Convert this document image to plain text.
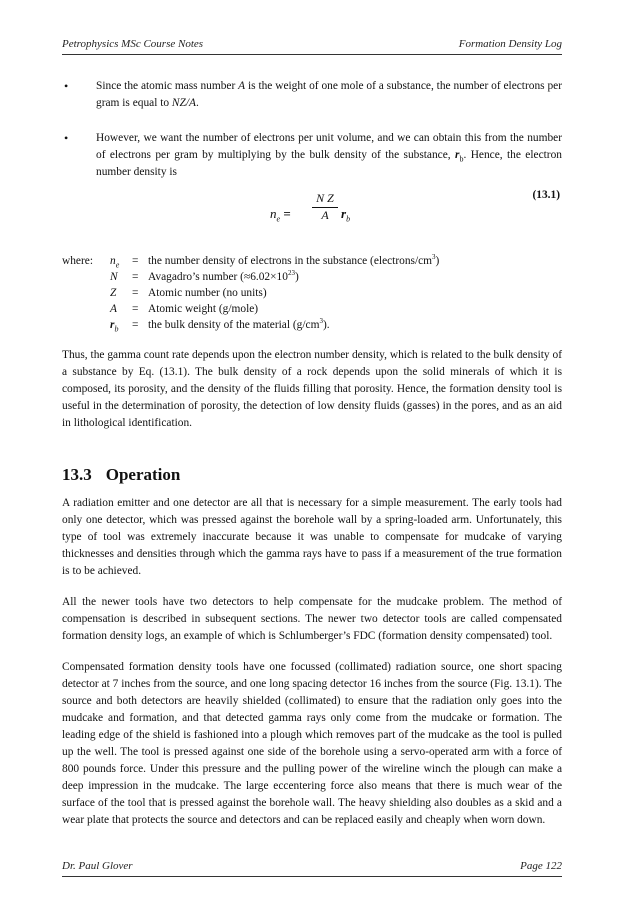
Petrophysics MSc Course Notes	Formation Density Log
•	Since the atomic mass number A is the weight of one mole of a substance, the number of electrons per gram is equal to NZ/A.
•	However, we want the number of electrons per unit volume, and we can obtain this from the number of electrons per gram by multiplying by the bulk density of the substance, $r_b$. Hence, the electron number density is
$n_e = \frac{\text{N Z}}{A} r_b$
(13.1)
where:	$n_e$	=	the number density of electrons in the substance $(electrons/cm^3)$
	N	=	Avagadro’s number $(\approx 6.02\times 10^{23})$
	Z	=	Atomic number (no units)
	A	=	Atomic weight (g/mole)
	$r_b$	=	the bulk density of the material $(g/cm^3)$.

Thus, the gamma count rate depends upon the electron number density, which is related to the bulk density of a substance by Eq. (13.1). The bulk density of a rock depends upon the solid minerals of which it is composed, its porosity, and the density of the fluids filling that porosity. Hence, the formation density tool is useful in the determination of porosity, the detection of low density fluids (gasses) in the pores, and as an aid in lithological identification.

13.3 Operation

A radiation emitter and one detector are all that is necessary for a simple measurement. The early tools had only one detector, which was pressed against the borehole wall by a spring-loaded arm. Unfortunately, this type of tool was extremely inaccurate because it was unable to compensate for mudcake of varying thicknesses and densities through which the gamma rays have to pass if a measurement of the true formation is to be achieved.

All the newer tools have two detectors to help compensate for the mudcake problem. The method of compensation is described in subsequent sections. The newer two detector tools are called compensated formation density logs, an example of which is Schlumberger’s FDC (formation density compensated) tool.

Compensated formation density tools have one focussed (collimated) radiation source, one short spacing detector at 7 inches from the source, and one long spacing detector 16 inches from the source (Fig. 13.1). The source and both detectors are heavily shielded (collimated) to ensure that the radiation only goes into the mudcake and formation, and that detected gamma rays only come from the mudcake or formation. The leading edge of the shield is fashioned into a plough which removes part of the mudcake as the tool is pulled up the well. The tool is pressed against one side of the borehole using a servo-operated arm with a force of 800 pounds force. Under this pressure and the pulling power of the wireline winch the plough can make a deep impression in the mudcake. The large eccentering force also means that there is much wear of the surface of the tool that is pressed against the borehole wall. The heavy shielding also doubles as a skid and a wear plate that protects the source and detectors and can be replaced easily and cheaply when worn down.

Dr. Paul Glover	Page 122
